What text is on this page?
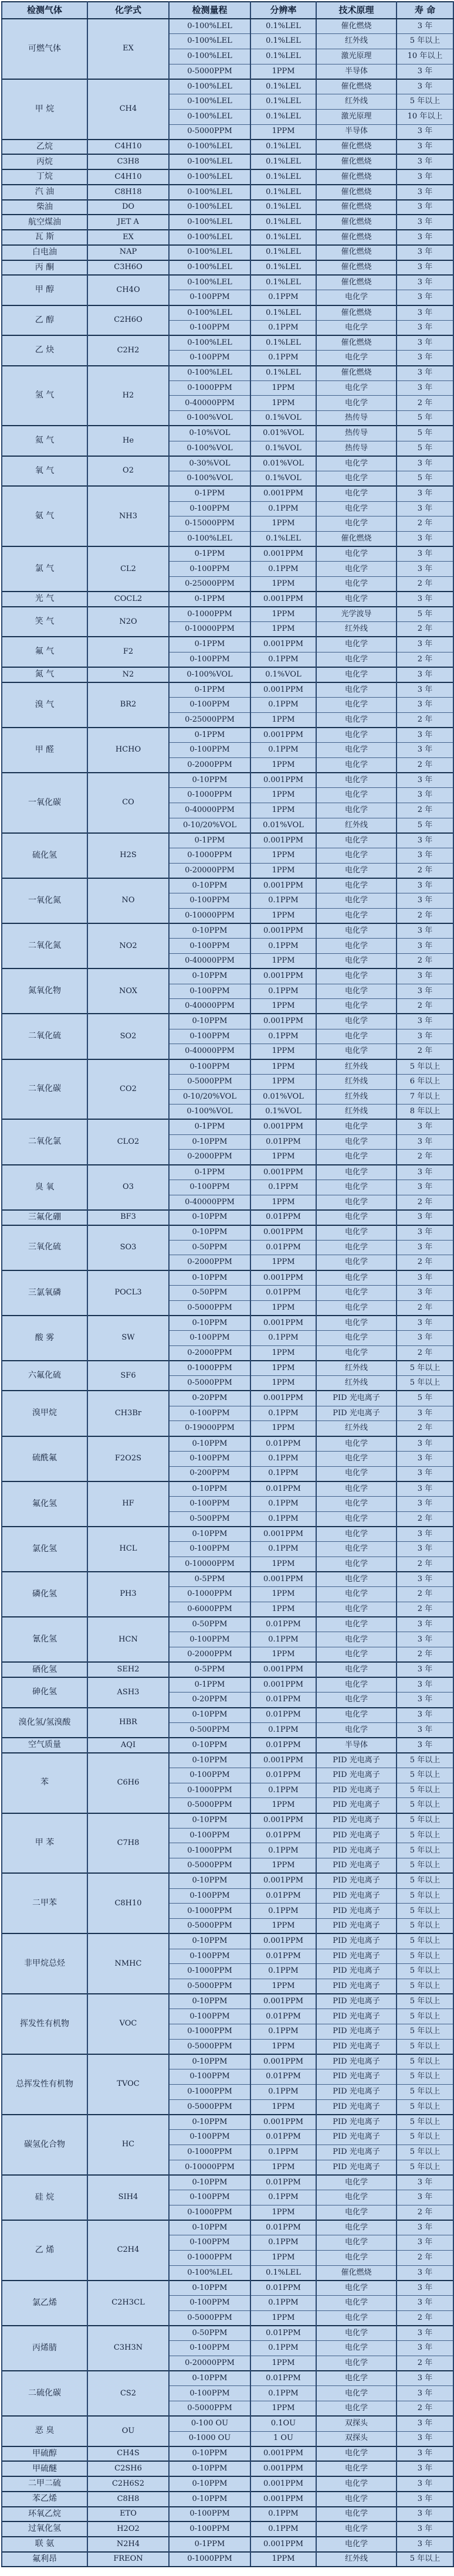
检测气体	化学式	检测量程	分辨率	技术原理	寿 命
可燃气体	EX	0-100%LEL	0.1%LEL	催化燃烧	3 年
		0-100%LEL	0.1%LEL	红外线	5 年以上
		0-100%LEL	0.1%LEL	激光原理	10 年以上
		0-5000PPM	1PPM	半导体	3 年
甲 烷	CH4	0-100%LEL	0.1%LEL	催化燃烧	3 年
		0-100%LEL	0.1%LEL	红外线	5 年以上
		0-100%LEL	0.1%LEL	激光原理	10 年以上
		0-5000PPM	1PPM	半导体	3 年
乙烷	C4H10	0-100%LEL	0.1%LEL	催化燃烧	3 年
丙烷	C3H8	0-100%LEL	0.1%LEL	催化燃烧	3 年
丁烷	C4H10	0-100%LEL	0.1%LEL	催化燃烧	3 年
汽 油	C8H18	0-100%LEL	0.1%LEL	催化燃烧	3 年
柴油	DO	0-100%LEL	0.1%LEL	催化燃烧	3 年
航空煤油	JET A	0-100%LEL	0.1%LEL	催化燃烧	3 年
瓦 斯	EX	0-100%LEL	0.1%LEL	催化燃烧	3 年
白电油	NAP	0-100%LEL	0.1%LEL	催化燃烧	3 年
丙 酮	C3H6O	0-100%LEL	0.1%LEL	催化燃烧	3 年
甲 醇	CH4O	0-100%LEL	0.1%LEL	催化燃烧	3 年
		0-100PPM	0.1PPM	电化学	3 年
乙 醇	C2H6O	0-100%LEL	0.1%LEL	催化燃烧	3 年
		0-100PPM	0.1PPM	电化学	3 年
乙 炔	C2H2	0-100%LEL	0.1%LEL	催化燃烧	3 年
		0-100PPM	0.1PPM	电化学	3 年
氢 气	H2	0-100%LEL	0.1%LEL	催化燃烧	3 年
		0-1000PPM	1PPM	电化学	3 年
		0-40000PPM	1PPM	电化学	2 年
		0-100%VOL	0.1%VOL	热传导	5 年
氦 气	He	0-10%VOL	0.01%VOL	热传导	5 年
		0-100%VOL	0.1%VOL	热传导	5 年
氧 气	O2	0-30%VOL	0.01%VOL	电化学	3 年
		0-100%VOL	0.1%VOL	电化学	5 年
氨 气	NH3	0-1PPM	0.001PPM	电化学	3 年
		0-100PPM	0.1PPM	电化学	3 年
		0-15000PPM	1PPM	电化学	2 年
		0-100%LEL	0.1%LEL	催化燃烧	3 年
氯 气	CL2	0-1PPM	0.001PPM	电化学	3 年
		0-100PPM	0.1PPM	电化学	3 年
		0-25000PPM	1PPM	电化学	2 年
光 气	COCL2	0-1PPM	0.001PPM	电化学	3 年
笑 气	N2O	0-1000PPM	1PPM	光学波导	5 年
		0-10000PPM	1PPM	红外线	2 年
氟 气	F2	0-1PPM	0.001PPM	电化学	3 年
		0-100PPM	0.1PPM	电化学	2 年
氮 气	N2	0-100%VOL	0.1%VOL	电化学	3 年
溴 气	BR2	0-1PPM	0.001PPM	电化学	3 年
		0-100PPM	0.1PPM	电化学	3 年
		0-25000PPM	1PPM	电化学	2 年
甲 醛	HCHO	0-1PPM	0.001PPM	电化学	3 年
		0-100PPM	0.1PPM	电化学	3 年
		0-2000PPM	1PPM	电化学	2 年
一氧化碳	CO	0-10PPM	0.001PPM	电化学	3 年
		0-1000PPM	1PPM	电化学	3 年
		0-40000PPM	1PPM	电化学	2 年
		0-10/20%VOL	0.01%VOL	红外线	5 年
硫化氢	H2S	0-1PPM	0.001PPM	电化学	3 年
		0-1000PPM	1PPM	电化学	3 年
		0-20000PPM	1PPM	电化学	2 年
一氧化氮	NO	0-10PPM	0.001PPM	电化学	3 年
		0-100PPM	0.1PPM	电化学	3 年
		0-10000PPM	1PPM	电化学	2 年
二氧化氮	NO2	0-10PPM	0.001PPM	电化学	3 年
		0-100PPM	0.1PPM	电化学	3 年
		0-40000PPM	1PPM	电化学	2 年
氮氧化物	NOX	0-10PPM	0.001PPM	电化学	3 年
		0-100PPM	0.1PPM	电化学	3 年
		0-40000PPM	1PPM	电化学	2 年
二氧化硫	SO2	0-10PPM	0.001PPM	电化学	3 年
		0-100PPM	0.1PPM	电化学	3 年
		0-40000PPM	1PPM	电化学	2 年
二氧化碳	CO2	0-100PPM	1PPM	红外线	5 年以上
		0-5000PPM	1PPM	红外线	6 年以上
		0-10/20%VOL	0.01%VOL	红外线	7 年以上
		0-100%VOL	0.1%VOL	红外线	8 年以上
二氧化氯	CLO2	0-1PPM	0.001PPM	电化学	3 年
		0-10PPM	0.01PPM	电化学	3 年
		0-2000PPM	1PPM	电化学	2 年
臭 氧	O3	0-1PPM	0.001PPM	电化学	3 年
		0-100PPM	0.1PPM	电化学	3 年
		0-40000PPM	1PPM	电化学	2 年
三氟化硼	BF3	0-10PPM	0.01PPM	电化学	3 年
三氧化硫	SO3	0-10PPM	0.001PPM	电化学	3 年
		0-50PPM	0.01PPM	电化学	3 年
		0-2000PPM	1PPM	电化学	2 年
三氯氧磷	POCL3	0-10PPM	0.001PPM	电化学	3 年
		0-50PPM	0.01PPM	电化学	3 年
		0-5000PPM	1PPM	电化学	2 年
酸 雾	SW	0-10PPM	0.001PPM	电化学	3 年
		0-100PPM	0.1PPM	电化学	3 年
		0-2000PPM	1PPM	电化学	2 年
六氟化硫	SF6	0-1000PPM	1PPM	红外线	5 年以上
		0-5000PPM	1PPM	红外线	5 年以上
溴甲烷	CH3Br	0-20PPM	0.001PPM	PID 光电离子	5 年
		0-100PPM	0.1PPM	PID 光电离子	3 年
		0-19000PPM	1PPM	红外线	2 年
硫酰氟	F2O2S	0-10PPM	0.01PPM	电化学	3 年
		0-100PPM	0.1PPM	电化学	3 年
		0-200PPM	0.1PPM	电化学	3 年
氟化氢	HF	0-10PPM	0.01PPM	电化学	3 年
		0-100PPM	0.1PPM	电化学	3 年
		0-500PPM	0.1PPM	电化学	2 年
氯化氢	HCL	0-10PPM	0.001PPM	电化学	3 年
		0-100PPM	0.1PPM	电化学	3 年
		0-10000PPM	1PPM	电化学	2 年
磷化氢	PH3	0-5PPM	0.001PPM	电化学	3 年
		0-1000PPM	1PPM	电化学	2 年
		0-6000PPM	1PPM	电化学	2 年
氰化氢	HCN	0-50PPM	0.01PPM	电化学	3 年
		0-100PPM	0.1PPM	电化学	3 年
		0-2000PPM	1PPM	电化学	2 年
硒化氢	SEH2	0-5PPM	0.001PPM	电化学	3 年
砷化氢	ASH3	0-1PPM	0.001PPM	电化学	3 年
		0-20PPM	0.01PPM	电化学	3 年
溴化氢/氢溴酸	HBR	0-10PPM	0.01PPM	电化学	3 年
		0-500PPM	0.1PPM	电化学	3 年
空气质量	AQI	0-10PPM	0.01PPM	半导体	3 年
苯	C6H6	0-10PPM	0.001PPM	PID 光电离子	5 年以上
		0-100PPM	0.01PPM	PID 光电离子	5 年以上
		0-1000PPM	0.1PPM	PID 光电离子	5 年以上
		0-5000PPM	1PPM	PID 光电离子	5 年以上
甲 苯	C7H8	0-10PPM	0.001PPM	PID 光电离子	5 年以上
		0-100PPM	0.01PPM	PID 光电离子	5 年以上
		0-1000PPM	0.1PPM	PID 光电离子	5 年以上
		0-5000PPM	1PPM	PID 光电离子	5 年以上
二甲苯	C8H10	0-10PPM	0.001PPM	PID 光电离子	5 年以上
		0-100PPM	0.01PPM	PID 光电离子	5 年以上
		0-1000PPM	0.1PPM	PID 光电离子	5 年以上
		0-5000PPM	1PPM	PID 光电离子	5 年以上
非甲烷总烃	NMHC	0-10PPM	0.001PPM	PID 光电离子	5 年以上
		0-100PPM	0.01PPM	PID 光电离子	5 年以上
		0-1000PPM	0.1PPM	PID 光电离子	5 年以上
		0-5000PPM	1PPM	PID 光电离子	5 年以上
挥发性有机物	VOC	0-10PPM	0.001PPM	PID 光电离子	5 年以上
		0-100PPM	0.01PPM	PID 光电离子	5 年以上
		0-1000PPM	0.1PPM	PID 光电离子	5 年以上
		0-5000PPM	1PPM	PID 光电离子	5 年以上
总挥发性有机物	TVOC	0-10PPM	0.001PPM	PID 光电离子	5 年以上
		0-100PPM	0.01PPM	PID 光电离子	5 年以上
		0-1000PPM	0.1PPM	PID 光电离子	5 年以上
		0-5000PPM	1PPM	PID 光电离子	5 年以上
碳氢化合物	HC	0-10PPM	0.001PPM	PID 光电离子	5 年以上
		0-100PPM	0.01PPM	PID 光电离子	5 年以上
		0-1000PPM	0.1PPM	PID 光电离子	5 年以上
		0-10000PPM	1PPM	PID 光电离子	5 年以上
硅 烷	SIH4	0-10PPM	0.01PPM	电化学	3 年
		0-100PPM	0.1PPM	电化学	3 年
		0-1000PPM	1PPM	电化学	2 年
乙 烯	C2H4	0-10PPM	0.01PPM	电化学	3 年
		0-100PPM	0.1PPM	电化学	3 年
		0-1000PPM	1PPM	电化学	2 年
		0-100%LEL	0.1%LEL	催化燃烧	3 年
氯乙烯	C2H3CL	0-10PPM	0.01PPM	电化学	3 年
		0-100PPM	0.1PPM	电化学	3 年
		0-5000PPM	1PPM	电化学	2 年
丙烯腈	C3H3N	0-50PPM	0.01PPM	电化学	3 年
		0-100PPM	0.1PPM	电化学	3 年
		0-20000PPM	1PPM	电化学	2 年
二硫化碳	CS2	0-10PPM	0.01PPM	电化学	3 年
		0-100PPM	0.1PPM	电化学	3 年
		0-5000PPM	1PPM	电化学	2 年
恶 臭	OU	0-100 OU	0.1OU	双探头	3 年
		0-1000 OU	1 OU	双探头	3 年
甲硫醇	CH4S	0-10PPM	0.001PPM	电化学	3 年
甲硫醚	C2SH6	0-10PPM	0.001PPM	电化学	3 年
二甲二硫	C2H6S2	0-10PPM	0.001PPM	电化学	3 年
苯乙烯	C8H8	0-10PPM	0.001PPM	电化学	3 年
环氧乙烷	ETO	0-100PPM	0.1PPM	电化学	3 年
过氧化氢	H2O2	0-100PPM	0.1PPM	电化学	3 年
联 氨	N2H4	0-1PPM	0.001PPM	电化学	3 年
氟利昂	FREON	0-1000PPM	1PPM	红外线	5 年以上
